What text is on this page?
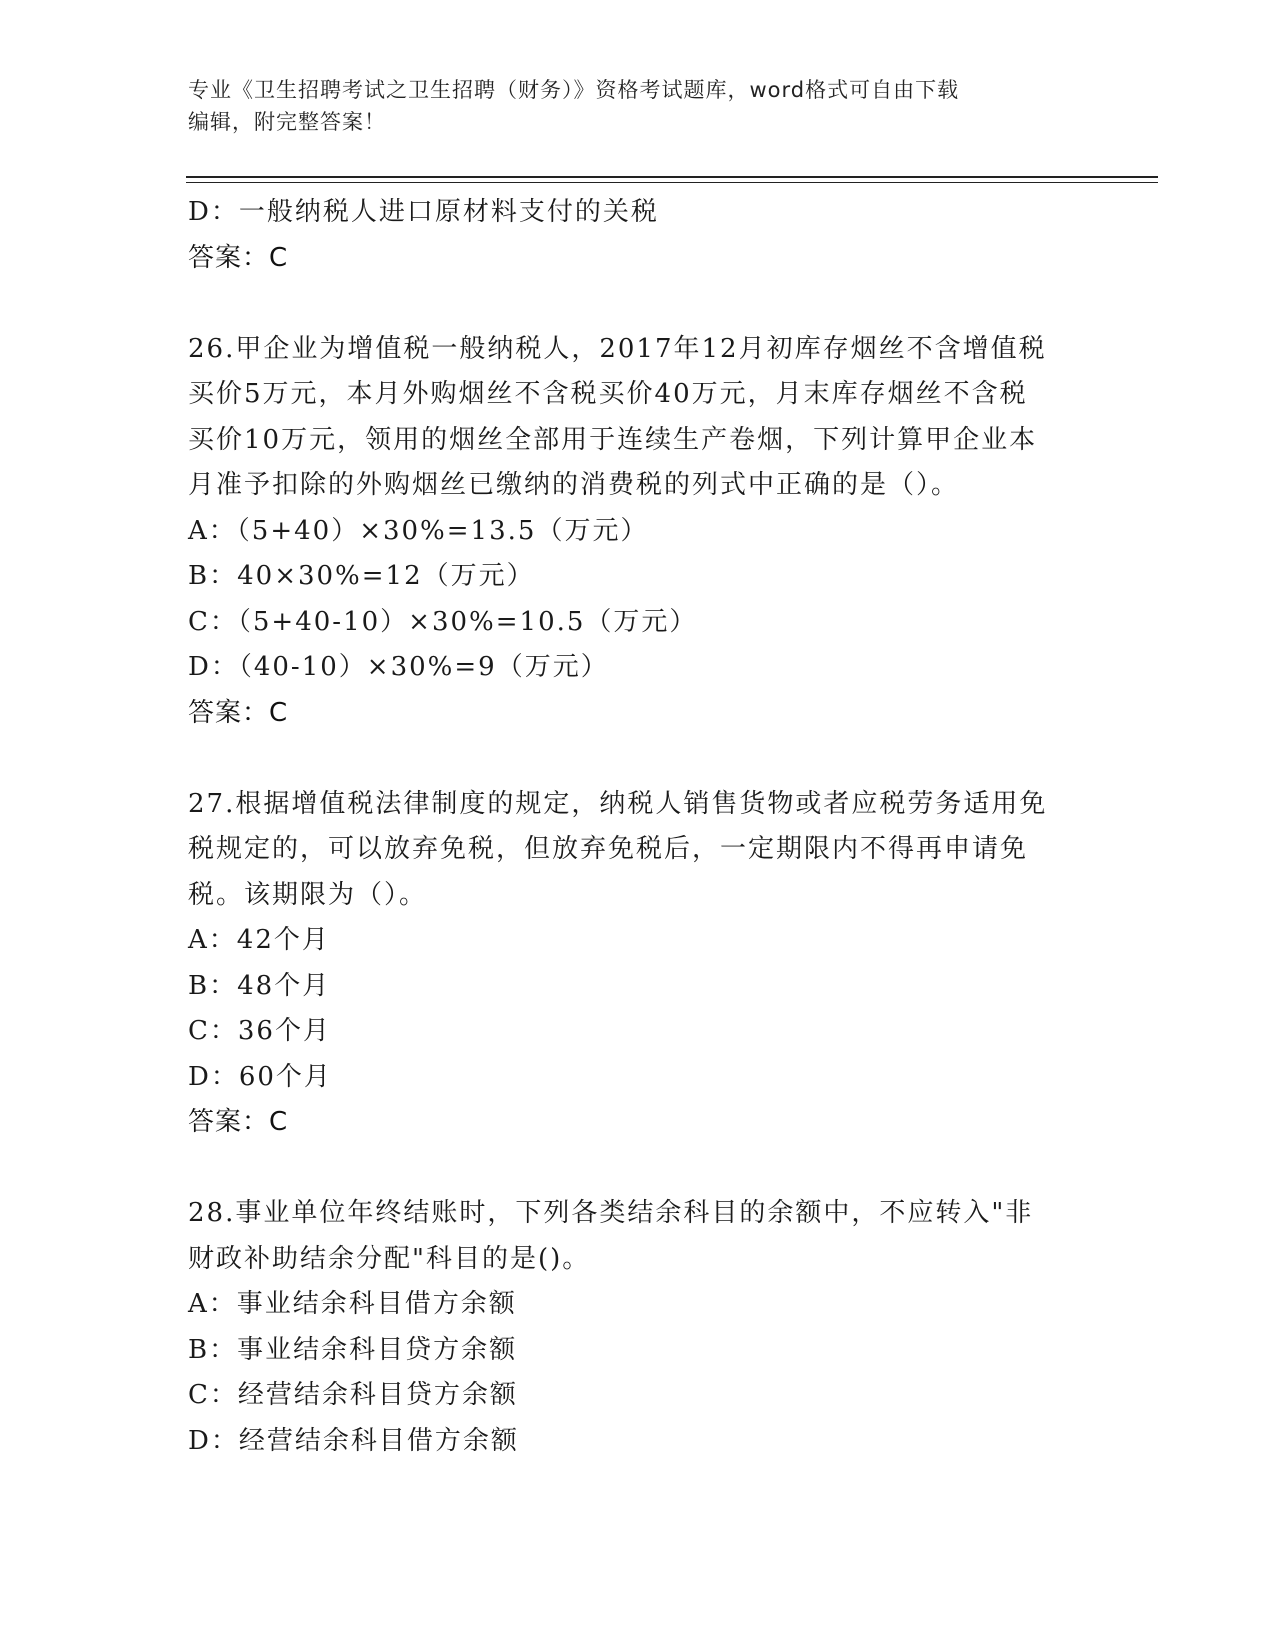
专业《卫生招聘考试之卫生招聘（财务）》资格考试题库，word格式可自由下载
编辑，附完整答案！
D：一般纳税人进口原材料支付的关税
答案：C
26.甲企业为增值税一般纳税人，2017年12月初库存烟丝不含增值税
买价5万元，本月外购烟丝不含税买价40万元，月末库存烟丝不含税
买价10万元，领用的烟丝全部用于连续生产卷烟，下列计算甲企业本
月准予扣除的外购烟丝已缴纳的消费税的列式中正确的是（）。
A：（5+40）×30%=13.5（万元）
B：40×30%=12（万元）
C：（5+40-10）×30%=10.5（万元）
D：（40-10）×30%=9（万元）
答案：C
27.根据增值税法律制度的规定，纳税人销售货物或者应税劳务适用免
税规定的，可以放弃免税，但放弃免税后，一定期限内不得再申请免
税。该期限为（）。
A：42个月
B：48个月
C：36个月
D：60个月
答案：C
28.事业单位年终结账时，下列各类结余科目的余额中，不应转入"非
财政补助结余分配"科目的是()。
A：事业结余科目借方余额
B：事业结余科目贷方余额
C：经营结余科目贷方余额
D：经营结余科目借方余额
